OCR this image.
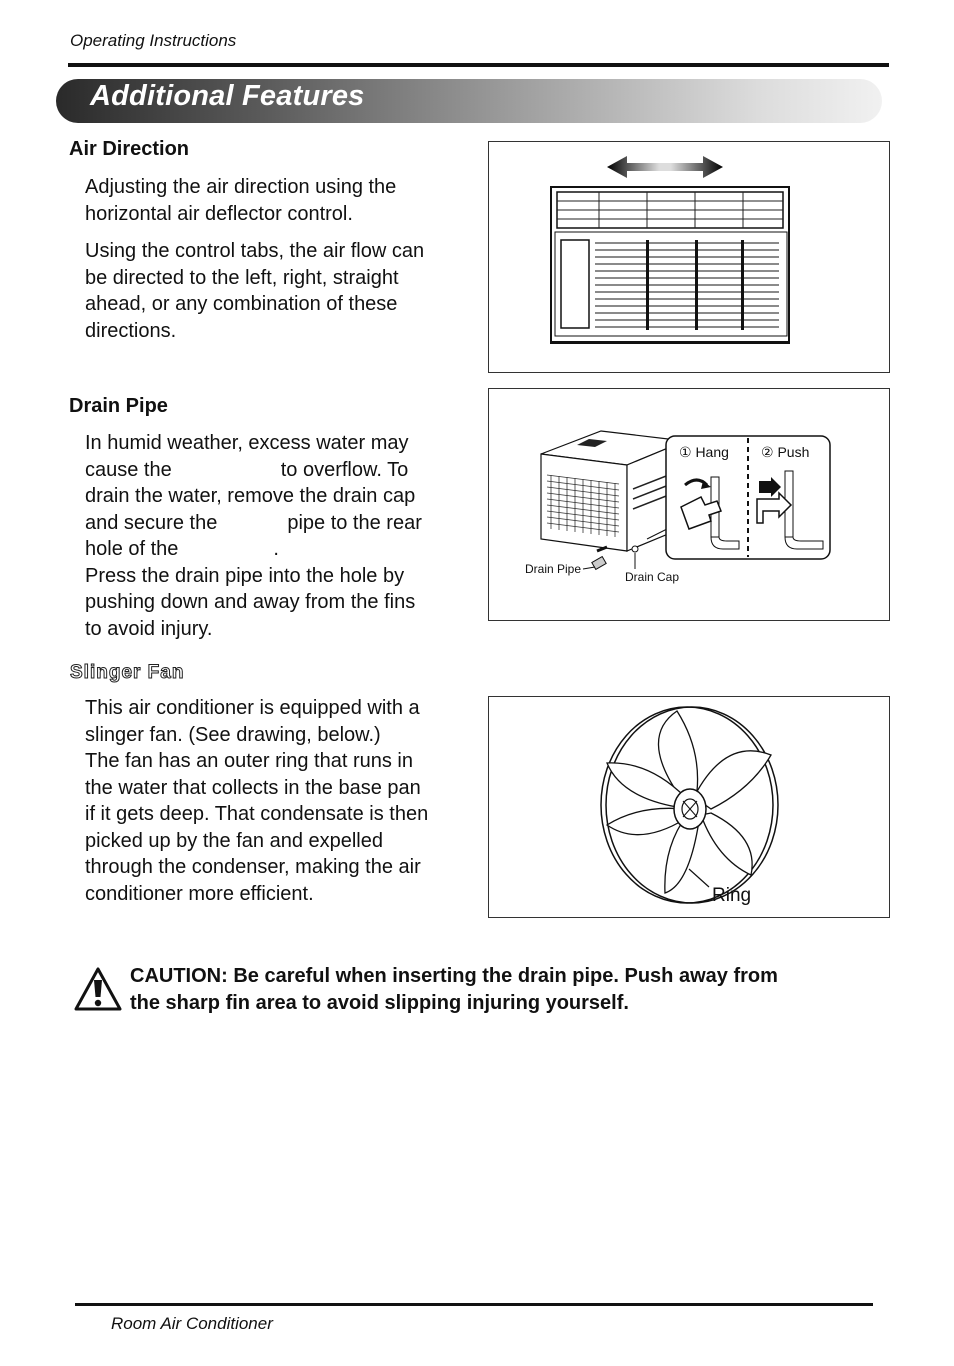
Operating Instructions
Additional Features
Air Direction
Adjusting the air direction using the
horizontal air deflector control.
Using the control tabs, the air flow can
be directed to the left, right, straight
ahead, or any combination of these
directions.
Drain Pipe
In humid weather, excess water may
cause the	to overflow. To
drain the water, remove the drain cap
and secure the	pipe to the rear
hole of the	.
Press the drain pipe into the hole by
pushing down and away from the fins
to avoid injury.
① Hang ② Push
Drain Pipe
Drain Cap
Slinger Fan
This air conditioner is equipped with a
slinger fan. (See drawing, below.)
The fan has an outer ring that runs in
the water that collects in the base pan
if it gets deep. That condensate is then
picked up by the fan and expelled
through the condenser, making the air
conditioner more efficient.	Ring
CAUTION: Be careful when inserting the drain pipe. Push away from
the sharp fin area to avoid slipping injuring yourself.
Room Air Conditioner
